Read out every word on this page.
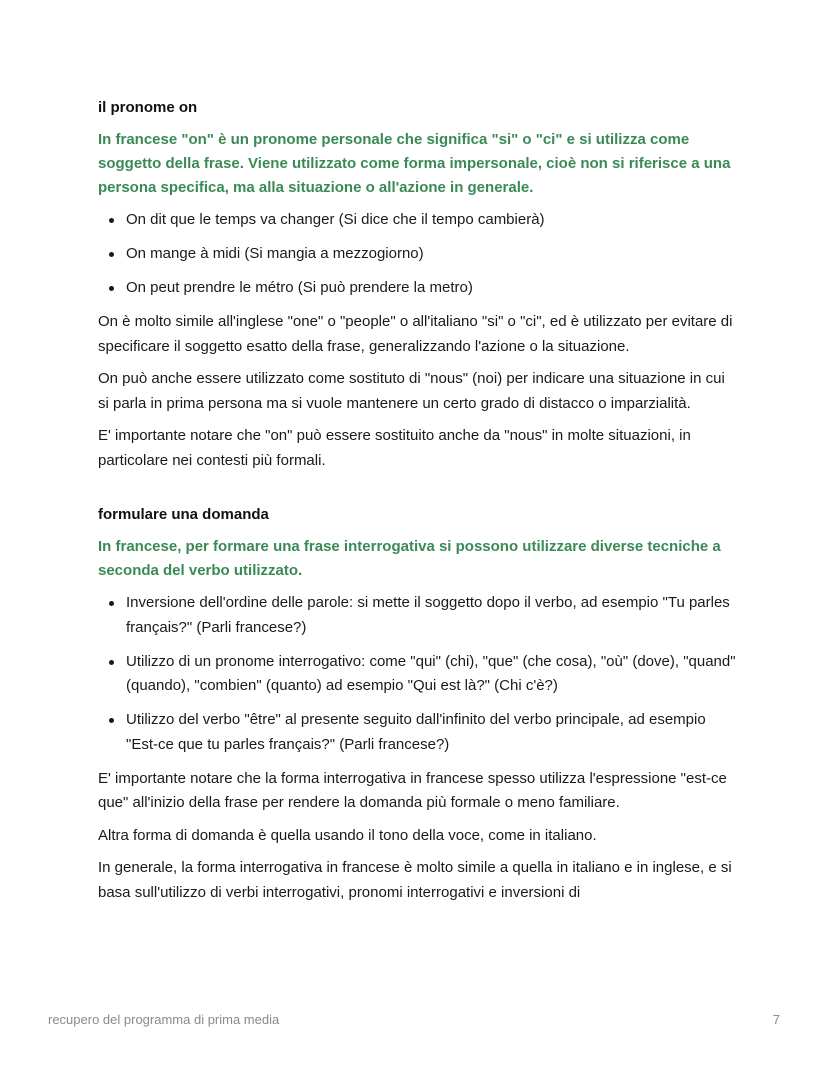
il pronome on
In francese "on" è un pronome personale che significa "si" o "ci" e si utilizza come soggetto della frase. Viene utilizzato come forma impersonale, cioè non si riferisce a una persona specifica, ma alla situazione o all'azione in generale.
On dit que le temps va changer (Si dice che il tempo cambierà)
On mange à midi (Si mangia a mezzogiorno)
On peut prendre le métro (Si può prendere la metro)

On è molto simile all'inglese "one" o "people" o all'italiano "si" o "ci", ed è utilizzato per evitare di specificare il soggetto esatto della frase, generalizzando l'azione o la situazione.

On può anche essere utilizzato come sostituto di "nous" (noi) per indicare una situazione in cui si parla in prima persona ma si vuole mantenere un certo grado di distacco o imparzialità.

E' importante notare che "on" può essere sostituito anche da "nous" in molte situazioni, in particolare nei contesti più formali.

formulare una domanda
In francese, per formare una frase interrogativa si possono utilizzare diverse tecniche a seconda del verbo utilizzato.
Inversione dell'ordine delle parole: si mette il soggetto dopo il verbo, ad esempio "Tu parles français?" (Parli francese?)
Utilizzo di un pronome interrogativo: come "qui" (chi), "que" (che cosa), "où" (dove), "quand" (quando), "combien" (quanto) ad esempio "Qui est là?" (Chi c'è?)
Utilizzo del verbo "être" al presente seguito dall'infinito del verbo principale, ad esempio "Est-ce que tu parles français?" (Parli francese?)

E' importante notare che la forma interrogativa in francese spesso utilizza l'espressione "est-ce que" all'inizio della frase per rendere la domanda più formale o meno familiare.

Altra forma di domanda è quella usando il tono della voce, come in italiano.

In generale, la forma interrogativa in francese è molto simile a quella in italiano e in inglese, e si basa sull'utilizzo di verbi interrogativi, pronomi interrogativi e inversioni di

recupero del programma di prima media	7
